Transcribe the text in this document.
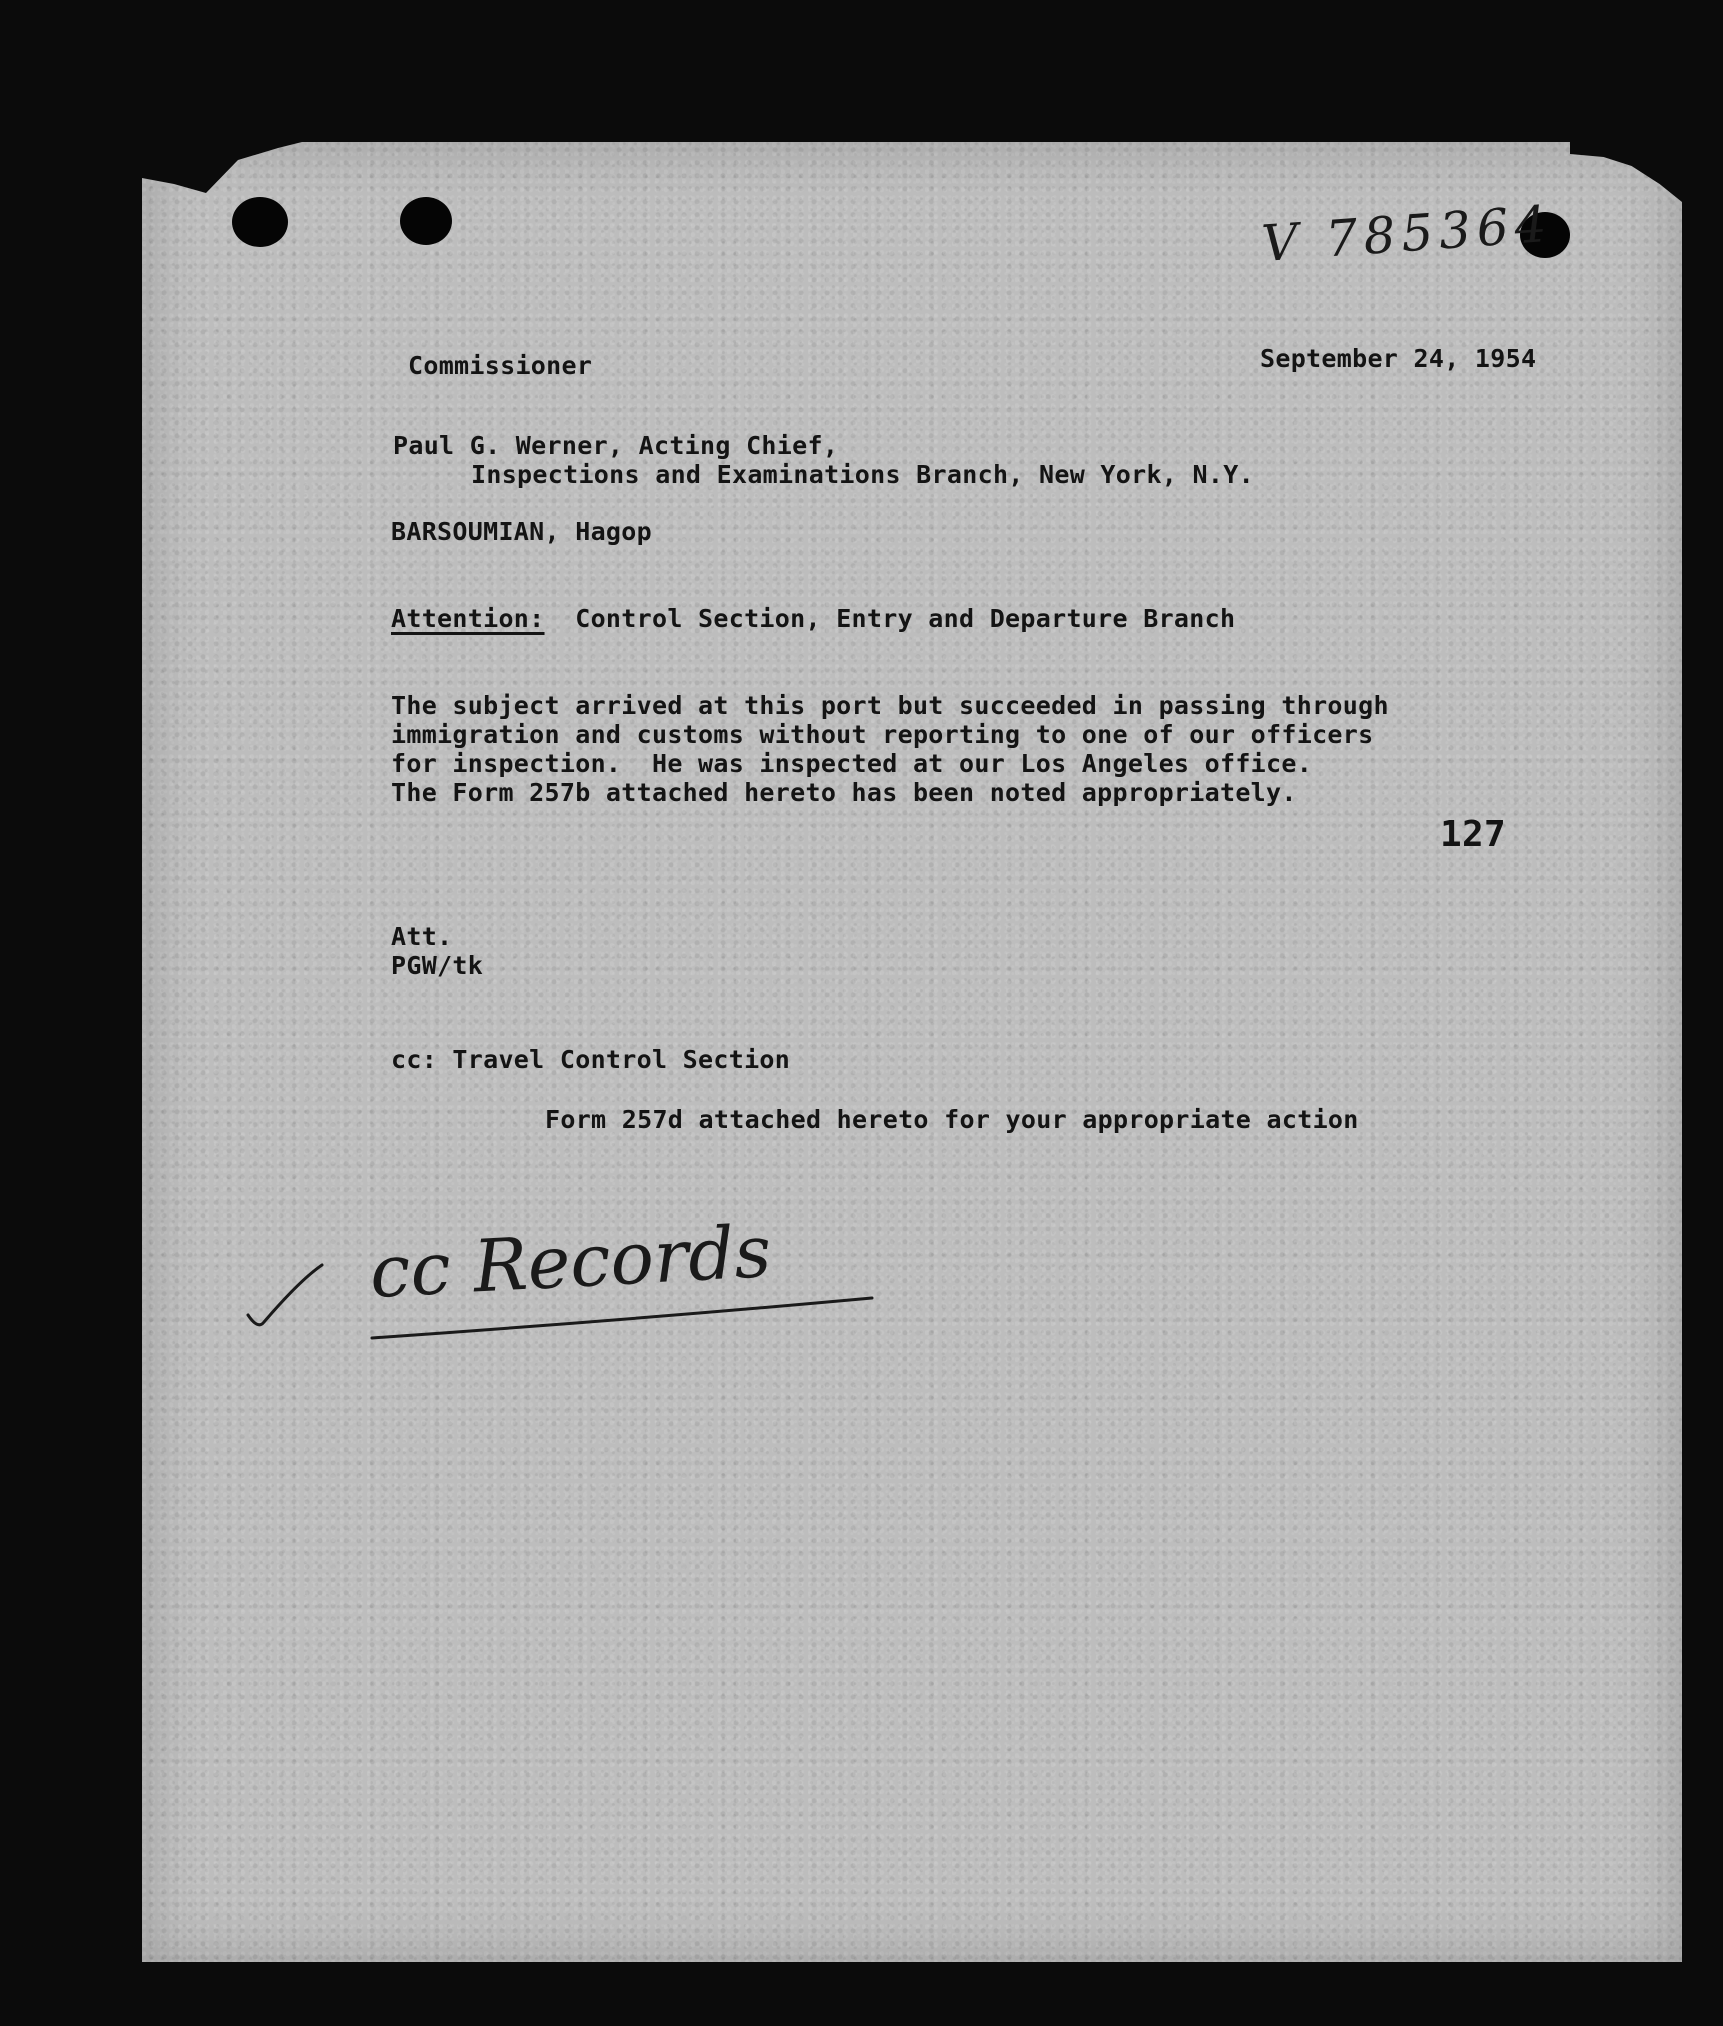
V 785364
Commissioner	September 24, 1954
Paul G. Werner, Acting Chief,
Inspections and Examinations Branch, New York, N.Y.
BARSOUMIAN, Hagop
Attention:  Control Section, Entry and Departure Branch
The subject arrived at this port but succeeded in passing through
immigration and customs without reporting to one of our officers
for inspection.  He was inspected at our Los Angeles office.
The Form 257b attached hereto has been noted appropriately.
127
Att.
PGW/tk
cc: Travel Control Section
Form 257d attached hereto for your appropriate action
cc Records
